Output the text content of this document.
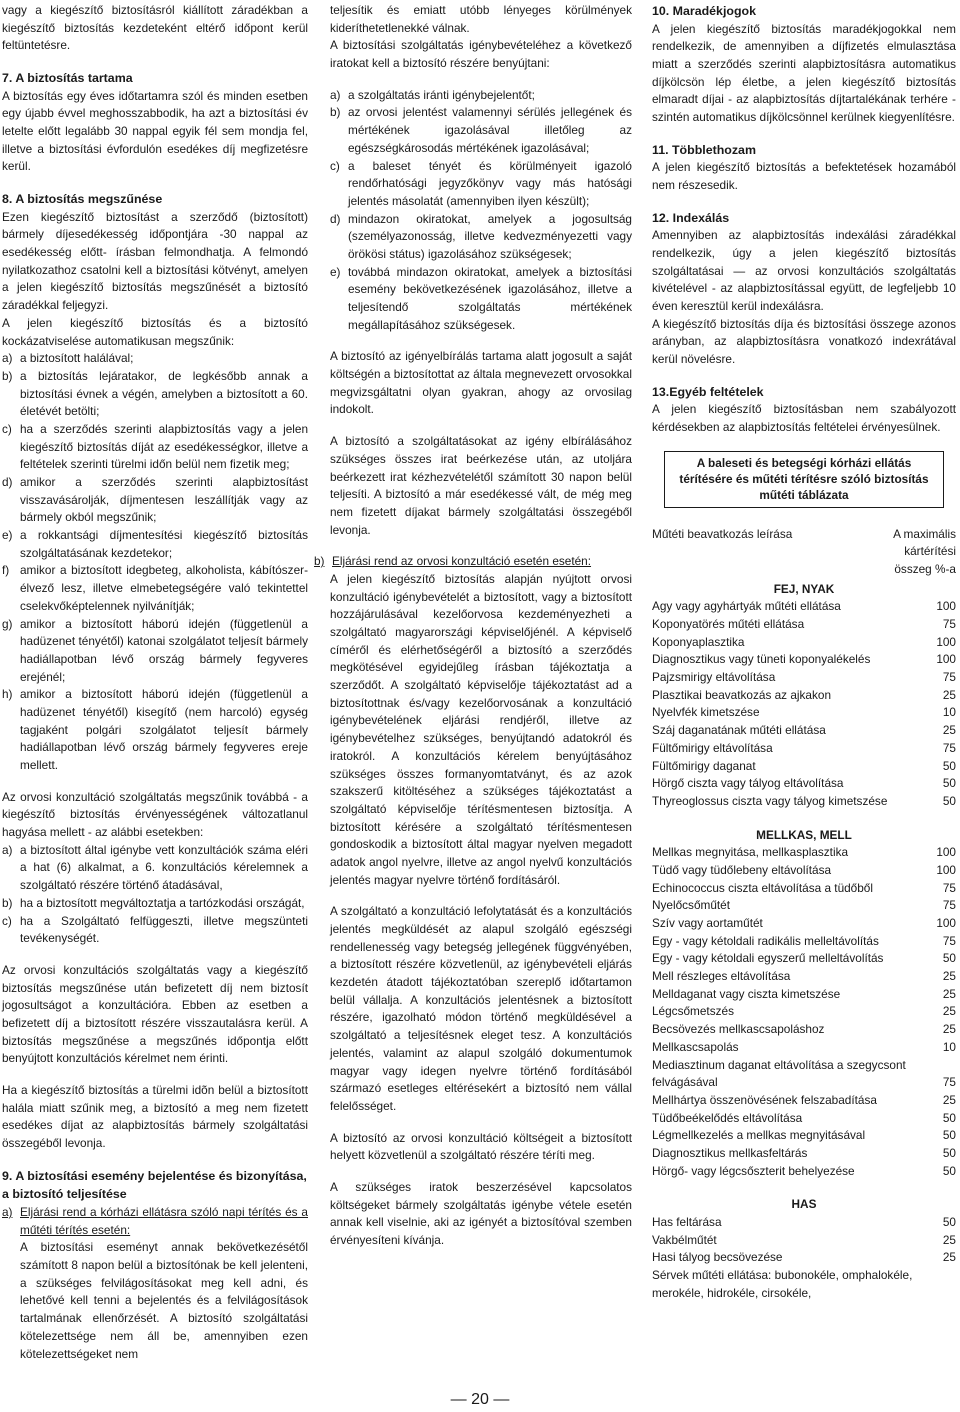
vagy a kiegészítő biztosításról kiállított záradékban a kiegészítő biztosítás kezdeteként eltérő időpont kerül feltüntetésre.

7. A biztosítás tartama

A biztosítás egy éves időtartamra szól és minden esetben egy újabb évvel meghosszabbodik, ha azt a biztosítási év letelte előtt legalább 30 nappal egyik fél sem mondja fel, illetve a biztosítási évfordulón esedékes díj megfizetésre kerül.

8. A biztosítás megszűnése

Ezen kiegészítő biztosítást a szerződő (biztosított) bármely díjesedékesség időpontjára -30 nappal az esedékesség előtt- írásban felmondhatja. A felmondó nyilatkozathoz csatolni kell a biztosítási kötvényt, amelyen a jelen kiegészítő biztosítás megszűnését a biztosító záradékkal feljegyzi.

A jelen kiegészítő biztosítás és a biztosító kockázatviselése automatikusan megszűnik:

a) a biztosított halálával;
b) a biztosítás lejáratakor, de legkésőbb annak a biztosítási évnek a végén, amelyben a biztosított a 60. életévét betölti;
c) ha a szerződés szerinti alapbiztosítás vagy a jelen kiegészítő biztosítás díját az esedékességkor, illetve a feltételek szerinti türelmi időn belül nem fizetik meg;
d) amikor a szerződés szerinti alapbiztosítást visszavásárolják, díjmentesen leszállítják vagy az bármely okból megszűnik;
e) a rokkantsági díjmentesítési kiegészítő biztosítás szolgáltatásának kezdetekor;
f) amikor a biztosított idegbeteg, alkoholista, kábítószer-élvező lesz, illetve elmebetegségére való tekintettel cselekvőképtelennek nyilvánítják;
g) amikor a biztosított háború idején (függetlenül a hadüzenet tényétől) katonai szolgálatot teljesít bármely hadiállapotban lévő ország bármely fegyveres erejénél;
h) amikor a biztosított háború idején (függetlenül a hadüzenet tényétől) kisegítő (nem harcoló) egység tagjaként polgári szolgálatot teljesít bármely hadiállapotban lévő ország bármely fegyveres ereje mellett.

Az orvosi konzultáció szolgáltatás megszűnik továbbá - a kiegészítő biztosítás érvényességének változatlanul hagyása mellett - az alábbi esetekben:

a) a biztosított által igénybe vett konzultációk száma eléri a hat (6) alkalmat, a 6. konzultációs kérelemnek a szolgáltató részére történő átadásával,
b) ha a biztosított megváltoztatja a tartózkodási országát,
c) ha a Szolgáltató felfüggeszti, illetve megszünteti tevékenységét.

Az orvosi konzultációs szolgáltatás vagy a kiegészítő biztosítás megszűnése után befizetett díj nem biztosít jogosultságot a konzultációra. Ebben az esetben a befizetett díj a biztosított részére visszautalásra kerül. A biztosítás megszűnése a megszűnés időpontja előtt benyújtott konzultációs kérelmet nem érinti.

Ha a kiegészítő biztosítás a türelmi idõn belül a biztosított halála miatt szűnik meg, a biztosító a meg nem fizetett esedékes díjat az alapbiztosítás bármely szolgáltatási összegéből levonja.

9. A biztosítási esemény bejelentése és bizonyítása, a biztosító teljesítése
a) Eljárási rend a kórházi ellátásra szóló napi térítés és a műtéti térítés esetén:

A biztosítási eseményt annak bekövetkezésétől számított 8 napon belül a biztosítónak be kell jelenteni, a szükséges felvilágosításokat meg kell adni, és lehetővé kell tenni a bejelentés és a felvilágosítások tartalmának ellenőrzését. A biztosító szolgáltatási kötelezettsége nem áll be, amennyiben ezen kötelezettségeket nem

teljesítik és emiatt utóbb lényeges körülmények kideríthetetlenekké válnak.

A biztosítási szolgáltatás igénybevételéhez a következő iratokat kell a biztosító részére benyújtani:

a) a szolgáltatás iránti igénybejelentőt;
b) az orvosi jelentést valamennyi sérülés jellegének és mértékének igazolásával illetőleg az egészségkárosodás mértékének igazolásával;
c) a baleset tényét és körülményeit igazoló rendőrhatósági jegyzőkönyv vagy más hatósági jelentés másolatát (amennyiben ilyen készült);
d) mindazon okiratokat, amelyek a jogosultság (személyazonosság, illetve kedvezményezetti vagy örökösi státus) igazolásához szükségesek;
e) továbbá mindazon okiratokat, amelyek a biztosítási esemény bekövetkezésének igazolásához, illetve a teljesítendő szolgáltatás mértékének megállapításához szükségesek.

A biztosító az igényelbírálás tartama alatt jogosult a saját költségén a biztosítottat az általa megnevezett orvosokkal megvizsgáltatni olyan gyakran, ahogy az orvosilag indokolt.

A biztosító a szolgáltatásokat az igény elbírálásához szükséges összes irat beérkezése után, az utoljára beérkezett irat kézhezvételétől számított 30 napon belül teljesíti. A biztosító a már esedékessé vált, de még meg nem fizetett díjakat bármely szolgáltatási összegéből levonja.

b) Eljárási rend az orvosi konzultáció esetén esetén:

A jelen kiegészítő biztosítás alapján nyújtott orvosi konzultáció igénybevételét a biztosított, vagy a biztosított hozzájárulásával kezelőorvosa kezdeményezheti a szolgáltató magyarországi képviselőjénél. A képviselő címéről és elérhetőségéről a biztosító a szerződés megkötésével egyidejűleg írásban tájékoztatja a szerződőt. A szolgáltató képviselője tájékoztatást ad a biztosítottnak és/vagy kezelőorvosának a konzultáció igénybevételének eljárási rendjéről, illetve az igénybevételhez szükséges, benyújtandó adatokról és iratokról. A konzultációs kérelem benyújtásához szükséges összes formanyomtatványt, és az azok szakszerű kitöltéséhez a szükséges tájékoztatást a szolgáltató képviselője térítésmentesen biztosítja. A biztosított kérésére a szolgáltató térítésmentesen gondoskodik a biztosított által magyar nyelven megadott adatok angol nyelvre, illetve az angol nyelvű konzultációs jelentés magyar nyelvre történő fordításáról.

A szolgáltató a konzultáció lefolytatását és a konzultációs jelentés megküldését az alapul szolgáló egészségi rendellenesség vagy betegség jellegének függvényében, a biztosított részére közvetlenül, az igénybevételi eljárás kezdetén átadott tájékoztatóban szereplő időtartamon belül vállalja. A konzultációs jelentésnek a biztosított részére, igazolható módon történő megküldésével a szolgáltató a teljesítésnek eleget tesz. A konzultációs jelentés, valamint az alapul szolgáló dokumentumok magyar vagy idegen nyelvre történő fordításából származó esetleges eltérésekért a biztosító nem vállal felelősséget.

A biztosító az orvosi konzultáció költségeit a biztosított helyett közvetlenül a szolgáltató részére téríti meg.

A szükséges iratok beszerzésével kapcsolatos költségeket bármely szolgáltatás igénybe vétele esetén annak kell viselnie, aki az igényét a biztosítóval szemben érvényesíteni kívánja.

10. Maradékjogok

A jelen kiegészítő biztosítás maradékjogokkal nem rendelkezik, de amennyiben a díjfizetés elmulasztása miatt a szerződés szerinti alapbiztosításra automatikus díjkölcsön lép életbe, a jelen kiegészítő biztosítás elmaradt díjai - az alapbiztosítás díjtartalékának terhére - szintén automatikus díjkölcsönnel kerülnek kiegyenlítésre.

11. Többlethozam

A jelen kiegészítő biztosítás a befektetések hozamából nem részesedik.

12. Indexálás

Amennyiben az alapbiztosítás indexálási záradékkal rendelkezik, úgy a jelen kiegészítő biztosítás szolgáltatásai — az orvosi konzultációs szolgáltatás kivételével - az alapbiztosítással együtt, de legfeljebb 10 éven keresztül kerül indexálásra.

A kiegészítő biztosítás díja és biztosítási összege azonos arányban, az alapbiztosításra vonatkozó indexrátával kerül növelésre.

13.Egyéb feltételek

A jelen kiegészítő biztosításban nem szabályozott kérdésekben az alapbiztosítás feltételei érvényesülnek.

A baleseti és betegségi kórházi ellátás térítésére és műtéti térítésre szóló biztosítás műtéti táblázata
Műtéti beavatkozás leírása	A maximális kártérítési összeg %-a
FEJ, NYAK
Agy vagy agyhártyák műtéti ellátása	100
Koponyatörés műtéti ellátása	75
Koponyaplasztika	100
Diagnosztikus vagy tüneti koponyalékelés	100
Pajzsmirigy eltávolítása	75
Plasztikai beavatkozás az ajkakon	25
Nyelvfék kimetszése	10
Száj daganatának műtéti ellátása	25
Fültőmirigy eltávolítása	75
Fültőmirigy daganat	50
Hörgő ciszta vagy tályog eltávolítása	50
Thyreoglossus ciszta vagy tályog kimetszése	50
MELLKAS, MELL
Mellkas megnyitása, mellkasplasztika	100
Tüdő vagy tüdőlebeny eltávolítása	100
Echinococcus ciszta eltávolítása a tüdőből	75
Nyelőcsőműtét	75
Szív vagy aortaműtét	100
Egy - vagy kétoldali radikális melleltávolítás	75
Egy - vagy kétoldali egyszerű melleltávolítás	50
Mell részleges eltávolítása	25
Melldaganat vagy ciszta kimetszése	25
Légcsőmetszés	25
Becsövezés mellkascsapoláshoz	25
Mellkascsapolás	10
Mediasztinum daganat eltávolítása a szegycsont felvágásával	75
Mellhártya összenövésének felszabadítása	25
Tüdőbeékelődés eltávolítása	50
Légmellkezelés a mellkas megnyitásával	50
Diagnosztikus mellkasfeltárás	50
Hörgő- vagy légcsőszterit behelyezése	50
HAS
Has feltárása	50
Vakbélműtét	25
Hasi tályog becsövezése	25
Sérvek műtéti ellátása: bubonokéle, omphalokéle, merokéle, hidrokéle, cirsokéle,
— 20 —
